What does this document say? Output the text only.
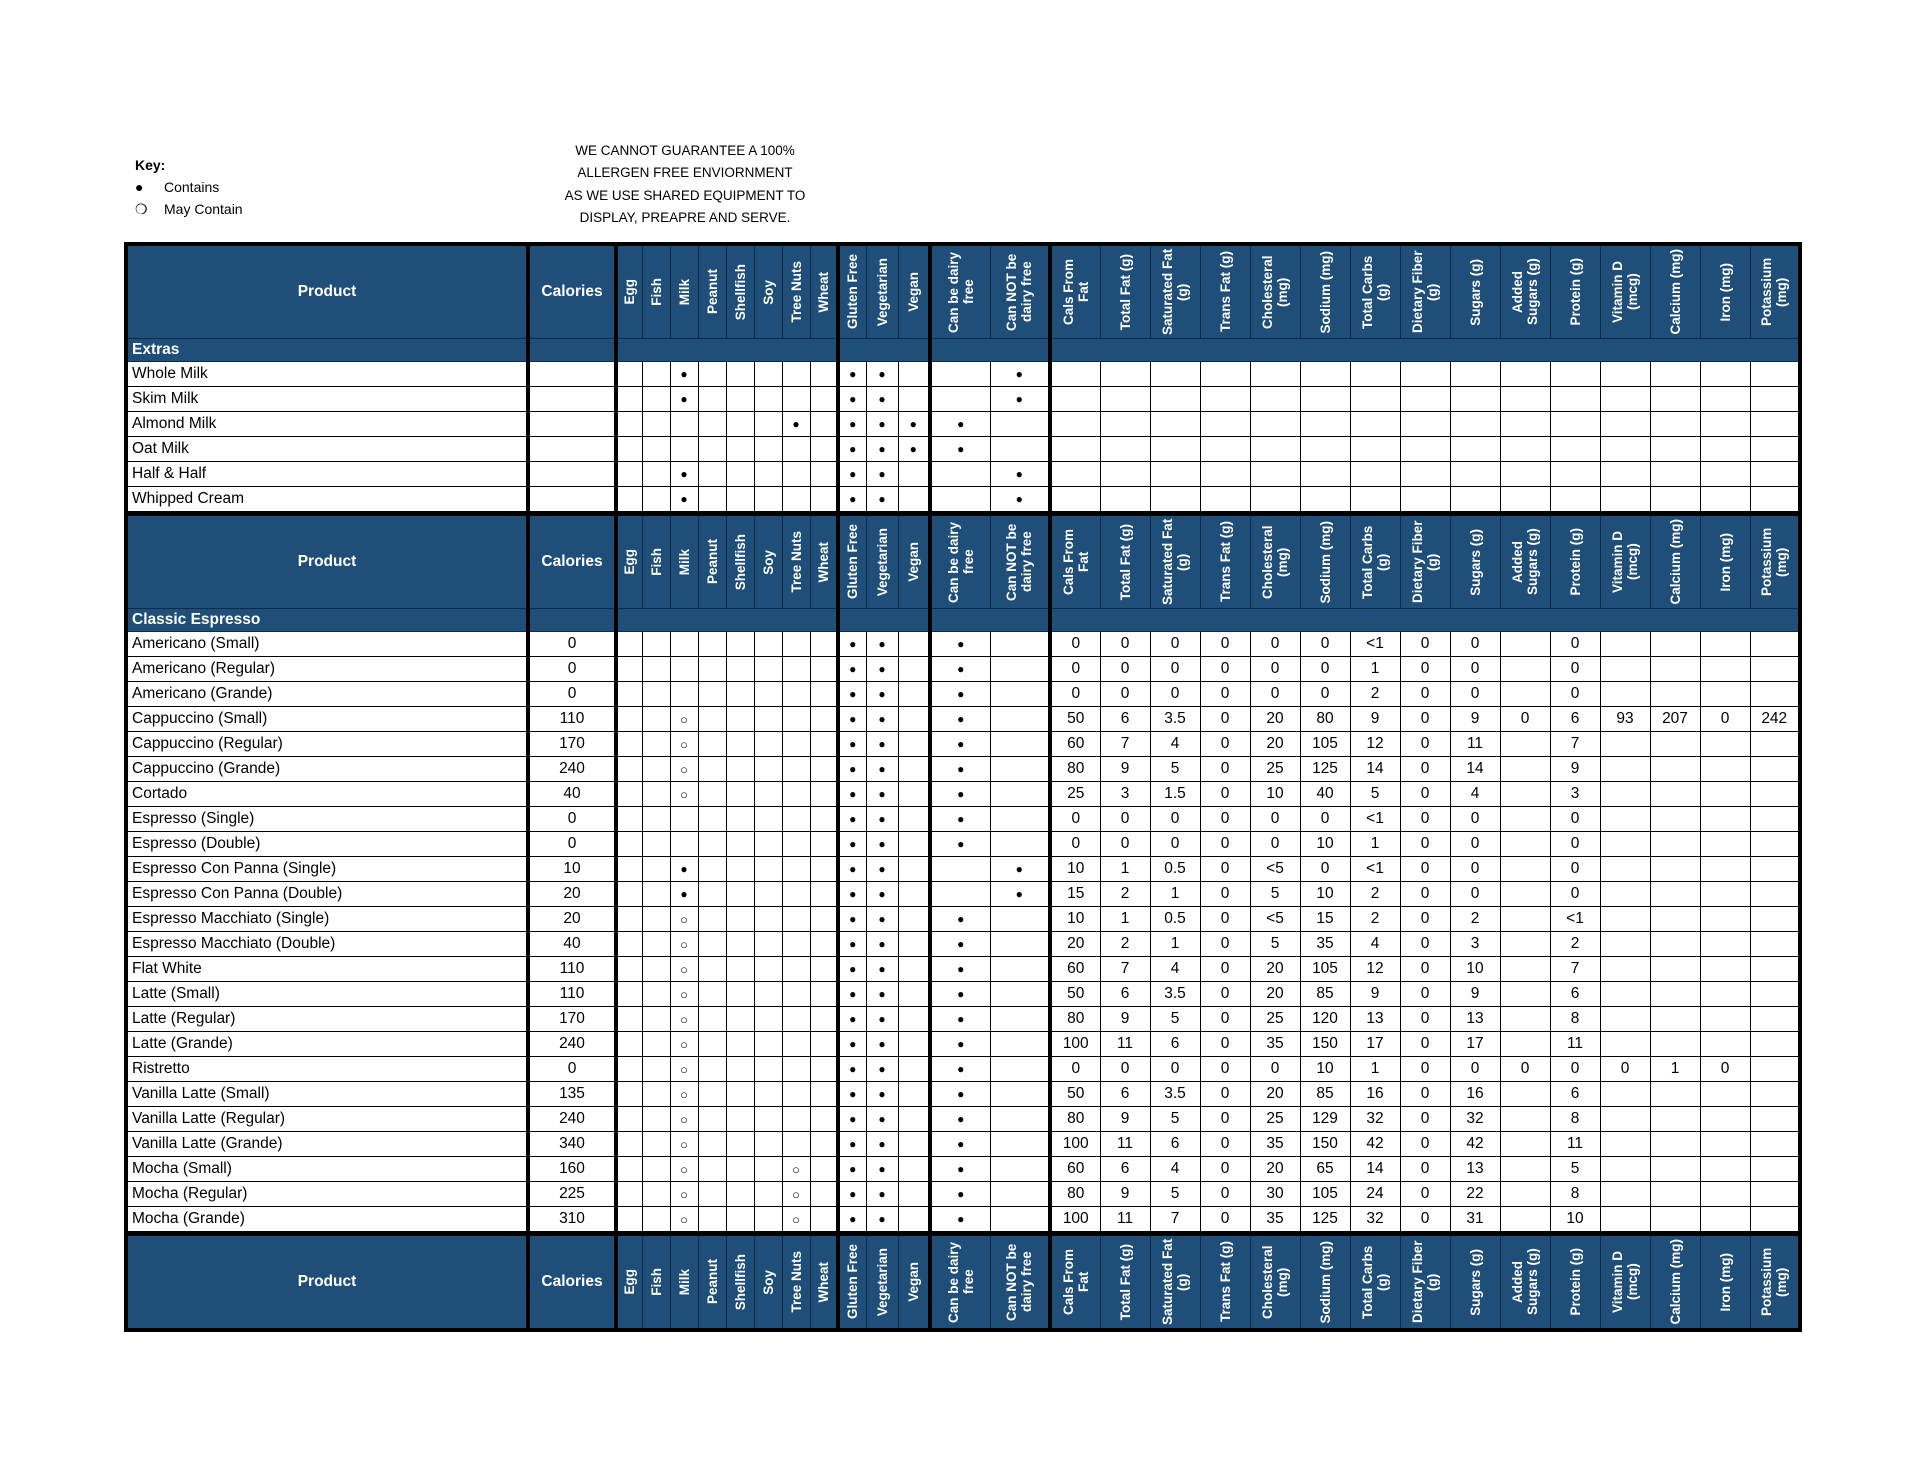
Key:
●	Contains
❍	May Contain
WE CANNOT GUARANTEE A 100%
ALLERGEN FREE ENVIORNMENT
AS WE USE SHARED EQUIPMENT TO
DISPLAY, PREAPRE AND SERVE.
Product	Calories	Egg	Fish	Milk	Peanut	Shellfish	Soy	Tree Nuts	Wheat	Gluten Free	Vegetarian	Vegan	Can be dairy free	Can NOT be dairy free	Cals From Fat	Total Fat (g)	Saturated Fat (g)	Trans Fat (g)	Cholesteral (mg)	Sodium (mg)	Total Carbs (g)	Dietary Fiber (g)	Sugars (g)	Added Sugars (g)	Protein (g)	Vitamin D (mcg)	Calcium (mg)	Iron (mg)	Potassium (mg)

Extras																													
Whole Milk				●						●	●			●															
Skim Milk				●						●	●			●															
Almond Milk								●		●	●	●	●																
Oat Milk										●	●	●	●																
Half & Half				●						●	●			●															
Whipped Cream				●						●	●			●															
Product	Calories	Egg	Fish	Milk	Peanut	Shellfish	Soy	Tree Nuts	Wheat	Gluten Free	Vegetarian	Vegan	Can be dairy free	Can NOT be dairy free	Cals From Fat	Total Fat (g)	Saturated Fat (g)	Trans Fat (g)	Cholesteral (mg)	Sodium (mg)	Total Carbs (g)	Dietary Fiber (g)	Sugars (g)	Added Sugars (g)	Protein (g)	Vitamin D (mcg)	Calcium (mg)	Iron (mg)	Potassium (mg)

Classic Espresso																													
Americano (Small)	0									●	●		●		0	0	0	0	0	0	<1	0	0		0				
Americano (Regular)	0									●	●		●		0	0	0	0	0	0	1	0	0		0				
Americano (Grande)	0									●	●		●		0	0	0	0	0	0	2	0	0		0				
Cappuccino (Small)	110			○						●	●		●		50	6	3.5	0	20	80	9	0	9	0	6	93	207	0	242
Cappuccino (Regular)	170			○						●	●		●		60	7	4	0	20	105	12	0	11		7				
Cappuccino (Grande)	240			○						●	●		●		80	9	5	0	25	125	14	0	14		9				
Cortado	40			○						●	●		●		25	3	1.5	0	10	40	5	0	4		3				
Espresso (Single)	0									●	●		●		0	0	0	0	0	0	<1	0	0		0				
Espresso (Double)	0									●	●		●		0	0	0	0	0	10	1	0	0		0				
Espresso Con Panna (Single)	10			●						●	●			●	10	1	0.5	0	<5	0	<1	0	0		0				
Espresso Con Panna (Double)	20			●						●	●			●	15	2	1	0	5	10	2	0	0		0				
Espresso Macchiato (Single)	20			○						●	●		●		10	1	0.5	0	<5	15	2	0	2		<1				
Espresso Macchiato (Double)	40			○						●	●		●		20	2	1	0	5	35	4	0	3		2				
Flat White	110			○						●	●		●		60	7	4	0	20	105	12	0	10		7				
Latte (Small)	110			○						●	●		●		50	6	3.5	0	20	85	9	0	9		6				
Latte (Regular)	170			○						●	●		●		80	9	5	0	25	120	13	0	13		8				
Latte (Grande)	240			○						●	●		●		100	11	6	0	35	150	17	0	17		11				
Ristretto	0			○						●	●		●		0	0	0	0	0	10	1	0	0	0	0	0	1	0	
Vanilla Latte (Small)	135			○						●	●		●		50	6	3.5	0	20	85	16	0	16		6				
Vanilla Latte (Regular)	240			○						●	●		●		80	9	5	0	25	129	32	0	32		8				
Vanilla Latte (Grande)	340			○						●	●		●		100	11	6	0	35	150	42	0	42		11				
Mocha (Small)	160			○				○		●	●		●		60	6	4	0	20	65	14	0	13		5				
Mocha (Regular)	225			○				○		●	●		●		80	9	5	0	30	105	24	0	22		8				
Mocha (Grande)	310			○				○		●	●		●		100	11	7	0	35	125	32	0	31		10				
Product	Calories	Egg	Fish	Milk	Peanut	Shellfish	Soy	Tree Nuts	Wheat	Gluten Free	Vegetarian	Vegan	Can be dairy free	Can NOT be dairy free	Cals From Fat	Total Fat (g)	Saturated Fat (g)	Trans Fat (g)	Cholesteral (mg)	Sodium (mg)	Total Carbs (g)	Dietary Fiber (g)	Sugars (g)	Added Sugars (g)	Protein (g)	Vitamin D (mcg)	Calcium (mg)	Iron (mg)	Potassium (mg)
